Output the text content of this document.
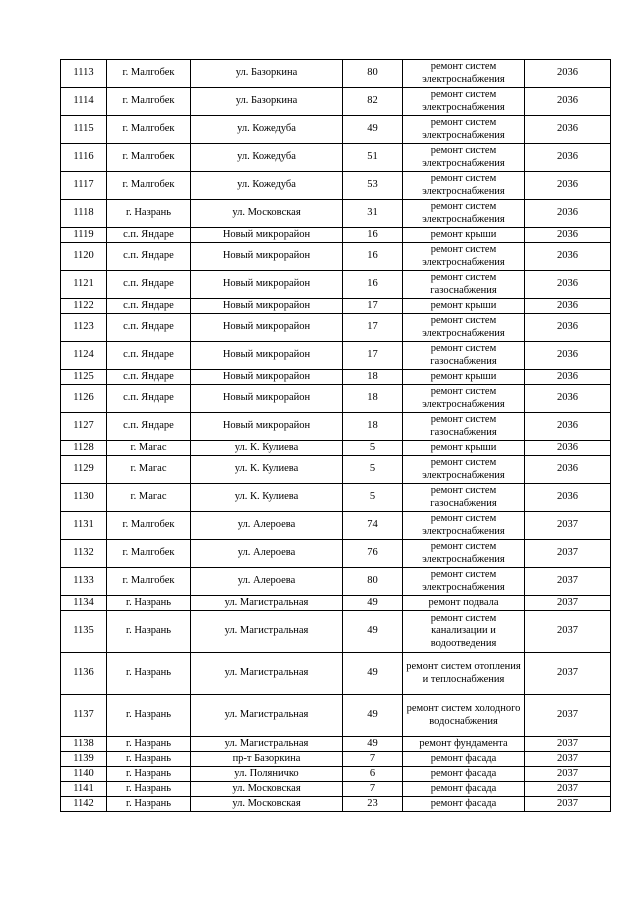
1113	г. Малгобек	ул. Базоркина	80	ремонт систем электроснабжения	2036
1114	г. Малгобек	ул. Базоркина	82	ремонт систем электроснабжения	2036
1115	г. Малгобек	ул. Кожедуба	49	ремонт систем электроснабжения	2036
1116	г. Малгобек	ул. Кожедуба	51	ремонт систем электроснабжения	2036
1117	г. Малгобек	ул. Кожедуба	53	ремонт систем электроснабжения	2036
1118	г. Назрань	ул. Московская	31	ремонт систем электроснабжения	2036
1119	с.п. Яндаре	Новый микрорайон	16	ремонт крыши	2036
1120	с.п. Яндаре	Новый микрорайон	16	ремонт систем электроснабжения	2036
1121	с.п. Яндаре	Новый микрорайон	16	ремонт систем газоснабжения	2036
1122	с.п. Яндаре	Новый микрорайон	17	ремонт крыши	2036
1123	с.п. Яндаре	Новый микрорайон	17	ремонт систем электроснабжения	2036
1124	с.п. Яндаре	Новый микрорайон	17	ремонт систем газоснабжения	2036
1125	с.п. Яндаре	Новый микрорайон	18	ремонт крыши	2036
1126	с.п. Яндаре	Новый микрорайон	18	ремонт систем электроснабжения	2036
1127	с.п. Яндаре	Новый микрорайон	18	ремонт систем газоснабжения	2036
1128	г. Магас	ул. К. Кулиева	5	ремонт крыши	2036
1129	г. Магас	ул. К. Кулиева	5	ремонт систем электроснабжения	2036
1130	г. Магас	ул. К. Кулиева	5	ремонт систем газоснабжения	2036
1131	г. Малгобек	ул. Алероева	74	ремонт систем электроснабжения	2037
1132	г. Малгобек	ул. Алероева	76	ремонт систем электроснабжения	2037
1133	г. Малгобек	ул. Алероева	80	ремонт систем электроснабжения	2037
1134	г. Назрань	ул. Магистральная	49	ремонт подвала	2037
1135	г. Назрань	ул. Магистральная	49	ремонт систем канализации и водоотведения	2037
1136	г. Назрань	ул. Магистральная	49	ремонт систем отопления и теплоснабжения	2037
1137	г. Назрань	ул. Магистральная	49	ремонт систем холодного водоснабжения	2037
1138	г. Назрань	ул. Магистральная	49	ремонт фундамента	2037
1139	г. Назрань	пр-т Базоркина	7	ремонт фасада	2037
1140	г. Назрань	ул. Поляничко	6	ремонт фасада	2037
1141	г. Назрань	ул. Московская	7	ремонт фасада	2037
1142	г. Назрань	ул. Московская	23	ремонт фасада	2037
